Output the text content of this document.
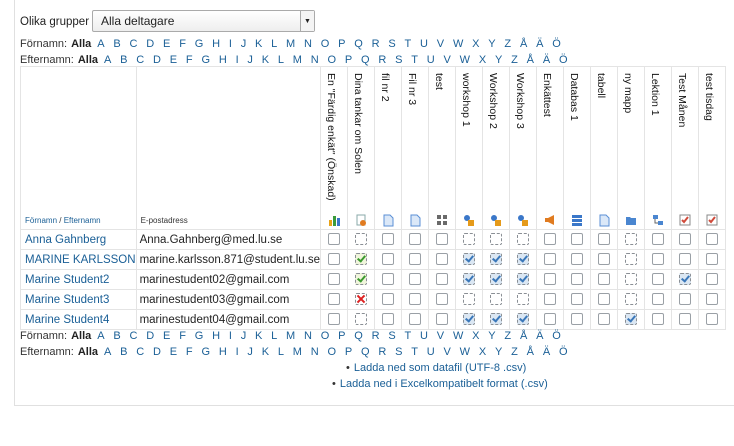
Olika grupper Alla deltagare	▼
Förnamn: Alla A B C D E F G H I J K L M N O P Q R S T U V W X Y Z Å Ä Ö
Efternamn: Alla A B C D E F G H I J K L M N O P Q R S T U V W X Y Z Å Ä Ö
Förnamn / Efternamn	E-postadress	En "Färdig enkät" (Önskad)	Dina tankar om Solen	fil nr 2	Fil nr 3	test	workshop 1	Workshop 2	Workshop 3	Enkättest	Databas 1	tabell	ny mapp	Lektion 1	Test Månen	test tisdag

Anna Gahnberg	Anna.Gahnberg@med.lu.se															
MARINE KARLSSON	marine.karlsson.871@student.lu.se															
Marine Student2	marinestudent02@gmail.com															
Marine Student3	marinestudent03@gmail.com															
Marine Student4	marinestudent04@gmail.com															
Förnamn: Alla A B C D E F G H I J K L M N O P Q R S T U V W X Y Z Å Ä Ö
Efternamn: Alla A B C D E F G H I J K L M N O P Q R S T U V W X Y Z Å Ä Ö
• Ladda ned som datafil (UTF-8 .csv)
• Ladda ned i Excelkompatibelt format (.csv)
